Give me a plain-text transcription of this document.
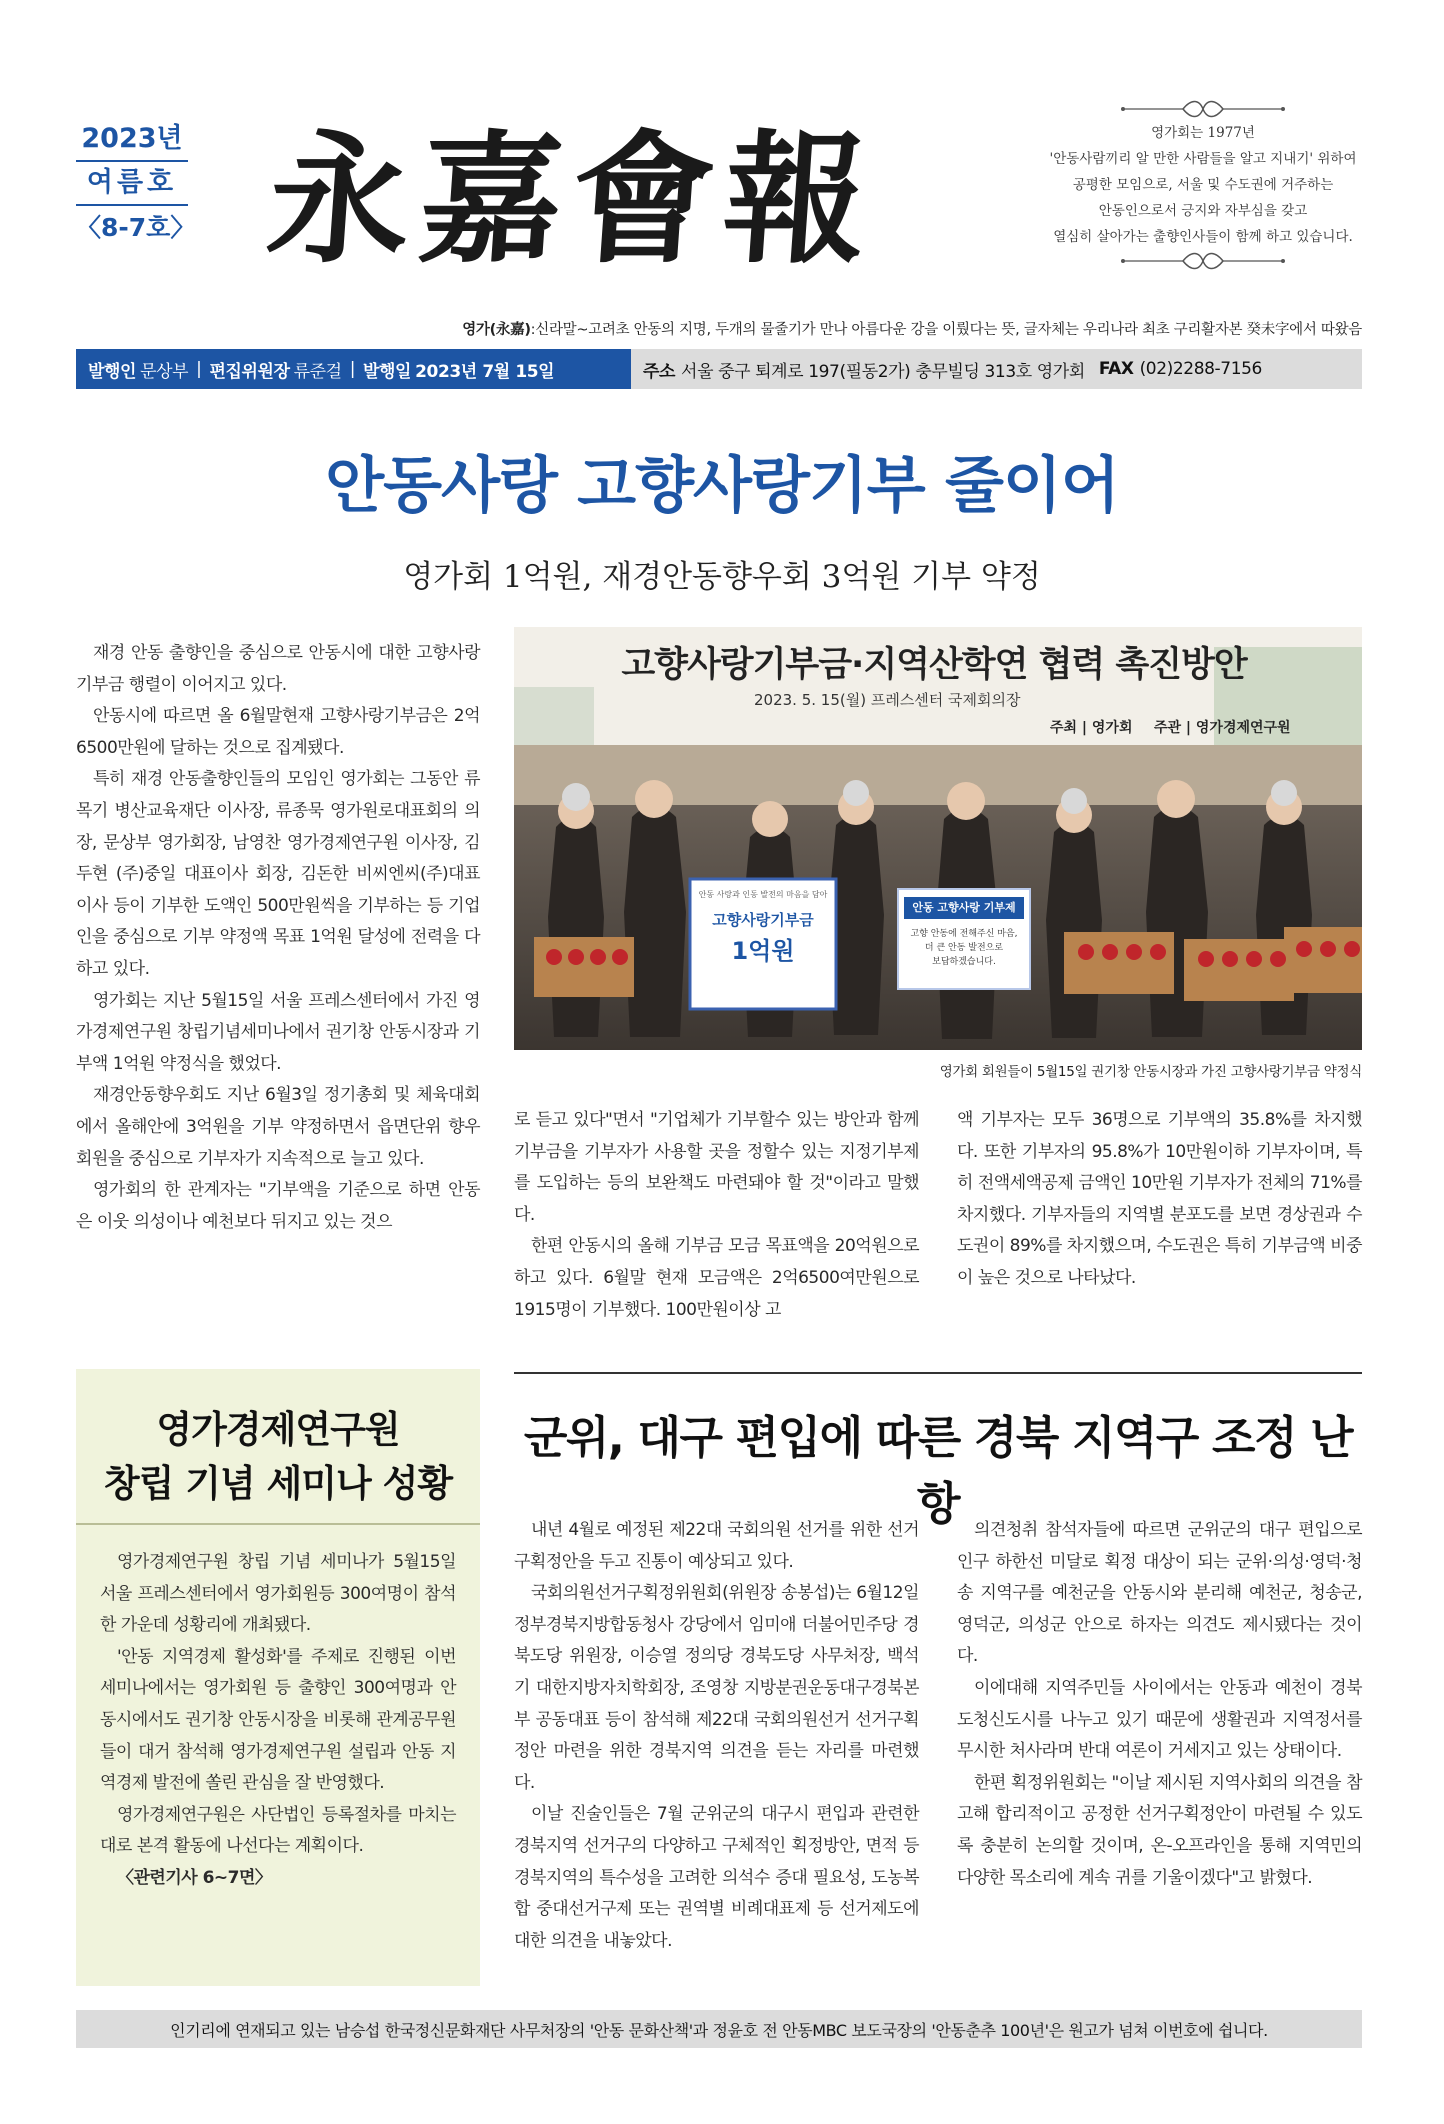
2023년
여름호
〈8-7호〉 永嘉會報	영가회는 1977년

'안동사람끼리 알 만한 사람들을 알고 지내기' 위하여

공평한 모임으로, 서울 및 수도권에 거주하는

안동인으로서 긍지와 자부심을 갖고

열심히 살아가는 출향인사들이 함께 하고 있습니다.

영가(永嘉):신라말~고려초 안동의 지명, 두개의 물줄기가 만나 아름다운 강을 이뤘다는 뜻, 글자체는 우리나라 최초 구리활자본 癸未字에서 따왔음
발행인 문상부 | 편집위원장 류준걸 | 발행일 2023년 7월 15일	주소 서울 중구 퇴계로 197(필동2가) 충무빌딩 313호 영가회 FAX (02)2288-7156
안동사랑 고향사랑기부 줄이어
영가회 1억원, 재경안동향우회 3억원 기부 약정

재경 안동 출향인을 중심으로 안동시에 대한 고향사랑기부금 행렬이 이어지고 있다.

안동시에 따르면 올 6월말현재 고향사랑기부금은 2억6500만원에 달하는 것으로 집계됐다.

특히 재경 안동출향인들의 모임인 영가회는 그동안 류목기 병산교육재단 이사장, 류종묵 영가원로대표회의 의장, 문상부 영가회장, 남영찬 영가경제연구원 이사장, 김두현 (주)중일 대표이사 회장, 김돈한 비씨엔씨(주)대표이사 등이 기부한 도액인 500만원씩을 기부하는 등 기업인을 중심으로 기부 약정액 목표 1억원 달성에 전력을 다하고 있다.

영가회는 지난 5월15일 서울 프레스센터에서 가진 영가경제연구원 창립기념세미나에서 권기창 안동시장과 기부액 1억원 약정식을 했었다.

재경안동향우회도 지난 6월3일 정기총회 및 체육대회에서 올해안에 3억원을 기부 약정하면서 읍면단위 향우회원을 중심으로 기부자가 지속적으로 늘고 있다.

영가회의 한 관계자는 "기부액을 기준으로 하면 안동은 이웃 의성이나 예천보다 뒤지고 있는 것으

고향사랑기부금·지역산학연 협력 촉진방안
2023. 5. 15(월) 프레스센터 국제회의장
주최 | 영가회 주관 | 영가경제연구원
안동 사랑과 인동 발전의 마음을 담아
고향사랑기부금
1억원
안동 고향사랑 기부제
고향 안동에 전해주신 마음,
더 큰 안동 발전으로
보답하겠습니다.
영가회 회원들이 5월15일 권기창 안동시장과 가진 고향사랑기부금 약정식

로 듣고 있다"면서 "기업체가 기부할수 있는 방안과 함께 기부금을 기부자가 사용할 곳을 정할수 있는 지정기부제를 도입하는 등의 보완책도 마련돼야 할 것"이라고 말했다.

한편 안동시의 올해 기부금 모금 목표액을 20억원으로 하고 있다. 6월말 현재 모금액은 2억6500여만원으로 1915명이 기부했다. 100만원이상 고

액 기부자는 모두 36명으로 기부액의 35.8%를 차지했다. 또한 기부자의 95.8%가 10만원이하 기부자이며, 특히 전액세액공제 금액인 10만원 기부자가 전체의 71%를 차지했다. 기부자들의 지역별 분포도를 보면 경상권과 수도권이 89%를 차지했으며, 수도권은 특히 기부금액 비중이 높은 것으로 나타났다.

영가경제연구원
창립 기념 세미나 성황

영가경제연구원 창립 기념 세미나가 5월15일 서울 프레스센터에서 영가회원등 300여명이 참석한 가운데 성황리에 개최됐다.

'안동 지역경제 활성화'를 주제로 진행된 이번 세미나에서는 영가회원 등 출향인 300여명과 안동시에서도 권기창 안동시장을 비롯해 관계공무원들이 대거 참석해 영가경제연구원 설립과 안동 지역경제 발전에 쏠린 관심을 잘 반영했다.

영가경제연구원은 사단법인 등록절차를 마치는 대로 본격 활동에 나선다는 계획이다.

〈관련기사 6~7면〉

군위, 대구 편입에 따른 경북 지역구 조정 난항

내년 4월로 예정된 제22대 국회의원 선거를 위한 선거구획정안을 두고 진통이 예상되고 있다.

국회의원선거구획정위원회(위원장 송봉섭)는 6월12일 정부경북지방합동청사 강당에서 임미애 더불어민주당 경북도당 위원장, 이승열 정의당 경북도당 사무처장, 백석기 대한지방자치학회장, 조영창 지방분권운동대구경북본부 공동대표 등이 참석해 제22대 국회의원선거 선거구획정안 마련을 위한 경북지역 의견을 듣는 자리를 마련했다.

이날 진술인들은 7월 군위군의 대구시 편입과 관련한 경북지역 선거구의 다양하고 구체적인 획정방안, 면적 등 경북지역의 특수성을 고려한 의석수 증대 필요성, 도농복합 중대선거구제 또는 권역별 비례대표제 등 선거제도에 대한 의견을 내놓았다.

의견청취 참석자들에 따르면 군위군의 대구 편입으로 인구 하한선 미달로 획정 대상이 되는 군위·의성·영덕·청송 지역구를 예천군을 안동시와 분리해 예천군, 청송군, 영덕군, 의성군 안으로 하자는 의견도 제시됐다는 것이다.

이에대해 지역주민들 사이에서는 안동과 예천이 경북도청신도시를 나누고 있기 때문에 생활권과 지역정서를 무시한 처사라며 반대 여론이 거세지고 있는 상태이다.

한편 획정위원회는 "이날 제시된 지역사회의 의견을 참고해 합리적이고 공정한 선거구획정안이 마련될 수 있도록 충분히 논의할 것이며, 온-오프라인을 통해 지역민의 다양한 목소리에 계속 귀를 기울이겠다"고 밝혔다.

인기리에 연재되고 있는 남승섭 한국정신문화재단 사무처장의 '안동 문화산책'과 정윤호 전 안동MBC 보도국장의 '안동춘추 100년'은 원고가 넘쳐 이번호에 쉽니다.
